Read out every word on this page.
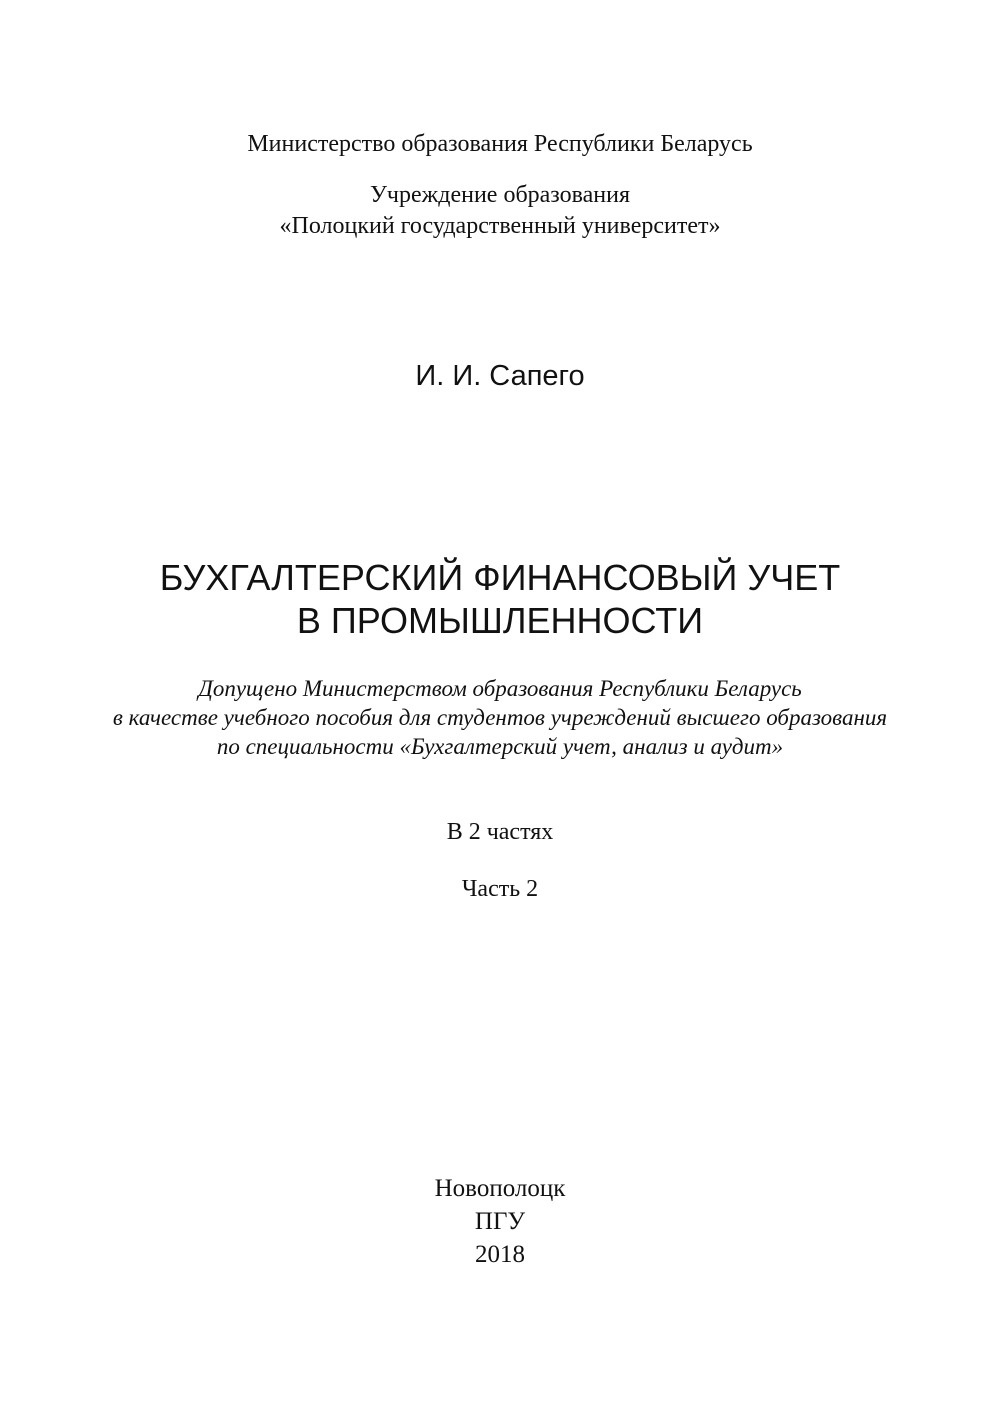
Министерство образования Республики Беларусь
Учреждение образования
«Полоцкий государственный университет»
И. И. Сапего
БУХГАЛТЕРСКИЙ ФИНАНСОВЫЙ УЧЕТ
В ПРОМЫШЛЕННОСТИ
Допущено Министерством образования Республики Беларусь
в качестве учебного пособия для студентов учреждений высшего образования
по специальности «Бухгалтерский учет, анализ и аудит»
В 2 частях
Часть 2
Новополоцк
ПГУ
2018
